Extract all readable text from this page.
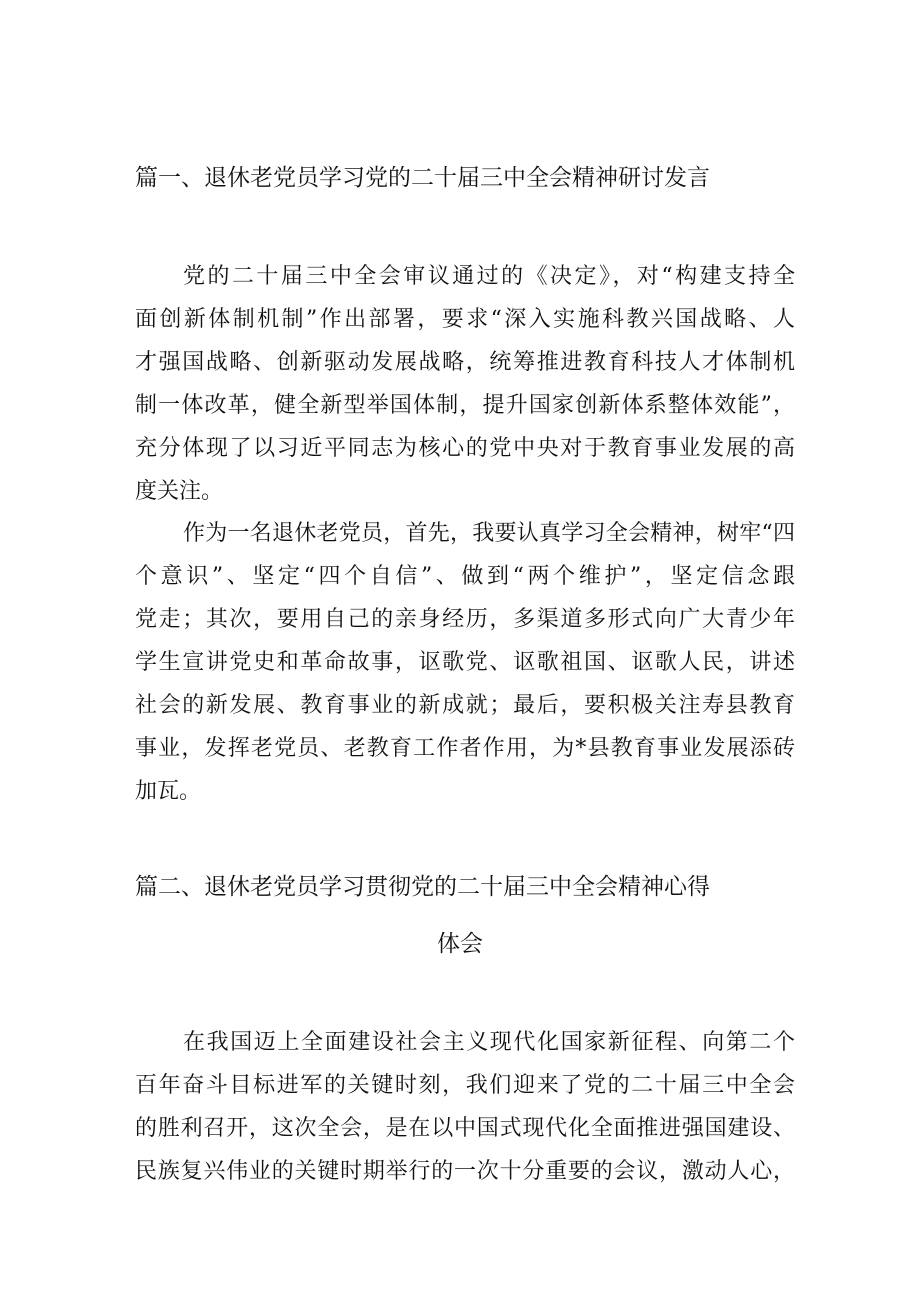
篇一、退休老党员学习党的二十届三中全会精神研讨发言

党的二十届三中全会审议通过的《决定》，对“构建支持全

面创新体制机制”作出部署，要求“深入实施科教兴国战略、人

才强国战略、创新驱动发展战略，统筹推进教育科技人才体制机

制一体改革，健全新型举国体制，提升国家创新体系整体效能”，

充分体现了以习近平同志为核心的党中央对于教育事业发展的高

度关注。

作为一名退休老党员，首先，我要认真学习全会精神，树牢“四

个意识”、坚定“四个自信”、做到“两个维护”，坚定信念跟

党走；其次，要用自己的亲身经历，多渠道多形式向广大青少年

学生宣讲党史和革命故事，讴歌党、讴歌祖国、讴歌人民，讲述

社会的新发展、教育事业的新成就；最后，要积极关注寿县教育

事业，发挥老党员、老教育工作者作用，为*县教育事业发展添砖

加瓦。

篇二、退休老党员学习贯彻党的二十届三中全会精神心得
体会

在我国迈上全面建设社会主义现代化国家新征程、向第二个

百年奋斗目标进军的关键时刻，我们迎来了党的二十届三中全会

的胜利召开，这次全会，是在以中国式现代化全面推进强国建设、

民族复兴伟业的关键时期举行的一次十分重要的会议，激动人心，
